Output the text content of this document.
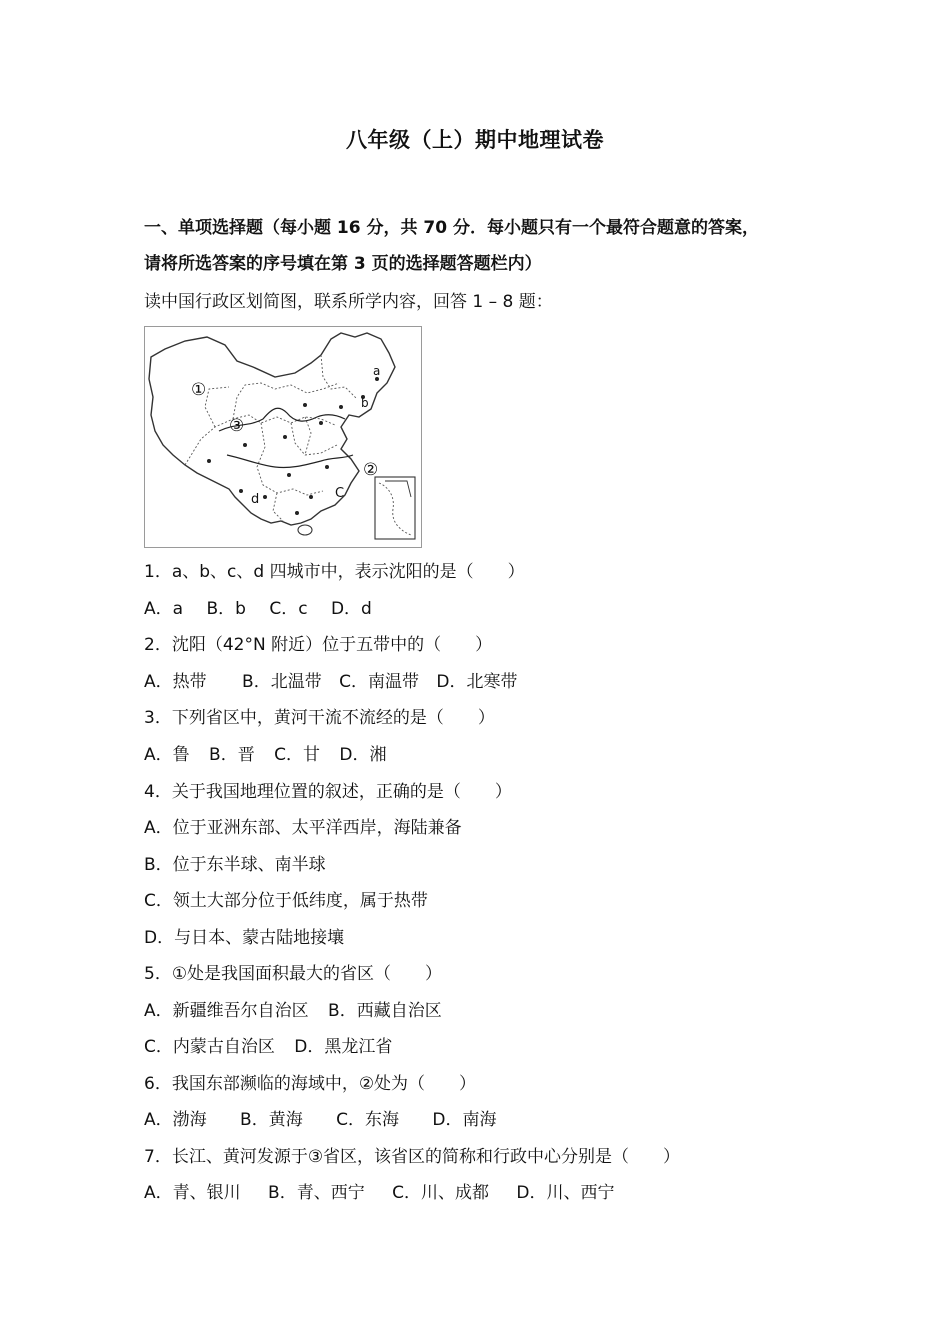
八年级（上）期中地理试卷
一、单项选择题（每小题 16 分，共 70 分．每小题只有一个最符合题意的答案，
请将所选答案的序号填在第 3 页的选择题答题栏内）
读中国行政区划简图，联系所学内容，回答 1 – 8 题：
①
③
②
a
b
C
d
1．a、b、c、d 四城市中，表示沈阳的是（　　）
A．a B．b C．c D．d
2．沈阳（42°N 附近）位于五带中的（　　）
A．热带 B．北温带 C．南温带 D．北寒带
3．下列省区中，黄河干流不流经的是（　　）
A．鲁 B．晋 C．甘 D．湘
4．关于我国地理位置的叙述，正确的是（　　）
A．位于亚洲东部、太平洋西岸，海陆兼备
B．位于东半球、南半球
C．领土大部分位于低纬度，属于热带
D．与日本、蒙古陆地接壤
5．①处是我国面积最大的省区（　　）
A．新疆维吾尔自治区 B．西藏自治区
C．内蒙古自治区 D．黑龙江省
6．我国东部濒临的海域中，②处为（　　）
A．渤海 B．黄海 C．东海 D．南海
7．长江、黄河发源于③省区，该省区的简称和行政中心分别是（　　）
A．青、银川 B．青、西宁 C．川、成都 D．川、西宁
